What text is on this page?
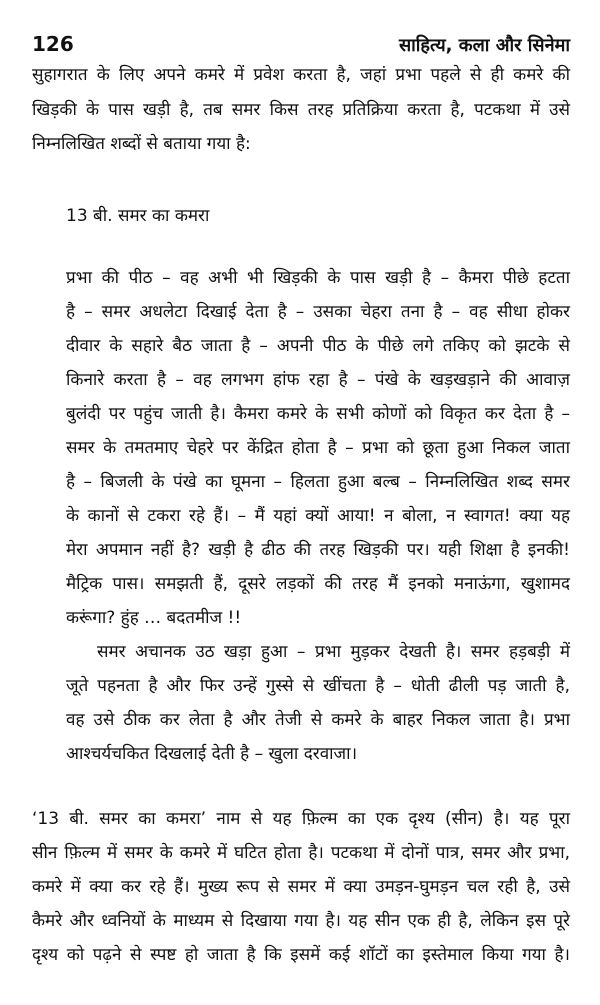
126	साहित्य, कला और सिनेमा
सुहागरात के लिए अपने कमरे में प्रवेश करता है, जहां प्रभा पहले से ही कमरे की
खिड़की के पास खड़ी है, तब समर किस तरह प्रतिक्रिया करता है, पटकथा में उसे
निम्नलिखित शब्दों से बताया गया है:
13 बी. समर का कमरा
प्रभा की पीठ – वह अभी भी खिड़की के पास खड़ी है – कैमरा पीछे हटता
है – समर अधलेटा दिखाई देता है – उसका चेहरा तना है – वह सीधा होकर
दीवार के सहारे बैठ जाता है – अपनी पीठ के पीछे लगे तकिए को झटके से
किनारे करता है – वह लगभग हांफ रहा है – पंखे के खड़खड़ाने की आवाज़
बुलंदी पर पहुंच जाती है। कैमरा कमरे के सभी कोणों को विकृत कर देता है –
समर के तमतमाए चेहरे पर केंद्रित होता है – प्रभा को छूता हुआ निकल जाता
है – बिजली के पंखे का घूमना – हिलता हुआ बल्ब – निम्नलिखित शब्द समर
के कानों से टकरा रहे हैं। – मैं यहां क्यों आया! न बोला, न स्वागत! क्या यह
मेरा अपमान नहीं है? खड़ी है ढीठ की तरह खिड़की पर। यही शिक्षा है इनकी!
मैट्रिक पास। समझती हैं, दूसरे लड़कों की तरह मैं इनको मनाऊंगा, खुशामद
करूंगा? हुंह … बदतमीज !!
समर अचानक उठ खड़ा हुआ – प्रभा मुड़कर देखती है। समर हड़बड़ी में
जूते पहनता है और फिर उन्हें गुस्से से खींचता है – धोती ढीली पड़ जाती है,
वह उसे ठीक कर लेता है और तेजी से कमरे के बाहर निकल जाता है। प्रभा
आश्चर्यचकित दिखलाई देती है – खुला दरवाजा।
‘13 बी. समर का कमरा’ नाम से यह फ़िल्म का एक दृश्य (सीन) है। यह पूरा
सीन फ़िल्म में समर के कमरे में घटित होता है। पटकथा में दोनों पात्र, समर और प्रभा,
कमरे में क्या कर रहे हैं। मुख्य रूप से समर में क्या उमड़न-घुमड़न चल रही है, उसे
कैमरे और ध्वनियों के माध्यम से दिखाया गया है। यह सीन एक ही है, लेकिन इस पूरे
दृश्य को पढ़ने से स्पष्ट हो जाता है कि इसमें कई शॉटों का इस्तेमाल किया गया है।
